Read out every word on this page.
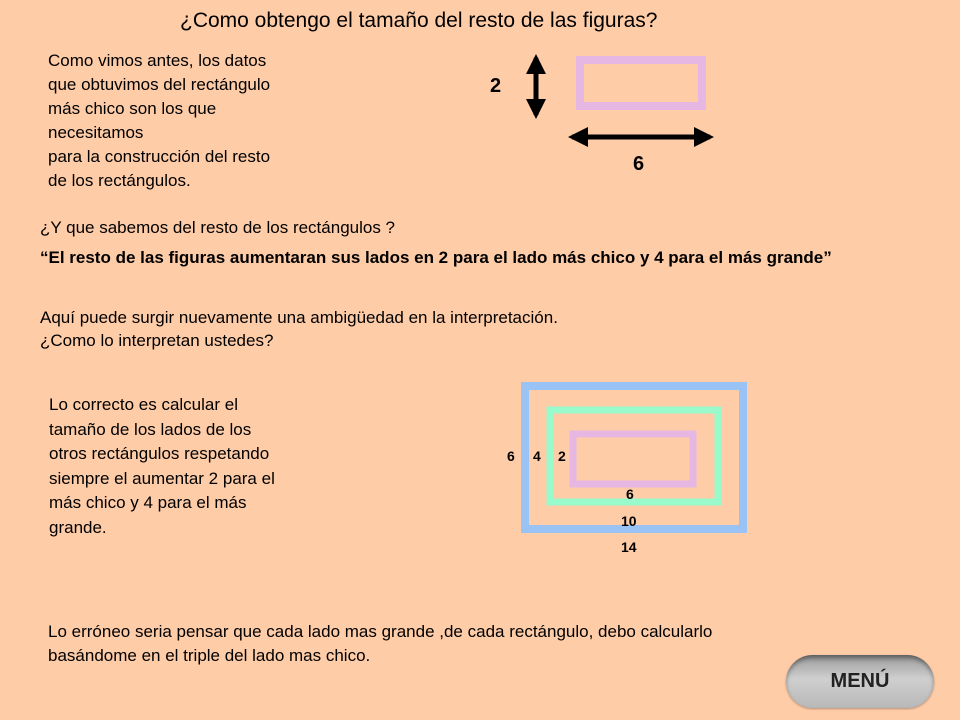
¿Como obtengo el tamaño del resto de las figuras?
Como vimos antes, los datos
que obtuvimos del rectángulo
más chico son los que
necesitamos
para la construcción del resto
de los rectángulos.
2
6
¿Y que sabemos del resto de los rectángulos ?
“El resto de las figuras aumentaran sus lados en 2 para el lado más chico y 4 para el más grande”
Aquí puede surgir nuevamente una ambigüedad en la interpretación.
¿Como lo interpretan ustedes?
Lo correcto es calcular el
tamaño de los lados de los
otros rectángulos respetando
siempre el aumentar 2 para el
más chico y 4 para el más
grande.
6 4 2
6
10
14
Lo erróneo seria pensar que cada lado mas grande ,de cada rectángulo, debo calcularlo
basándome en el triple del lado mas chico.
MENÚ
